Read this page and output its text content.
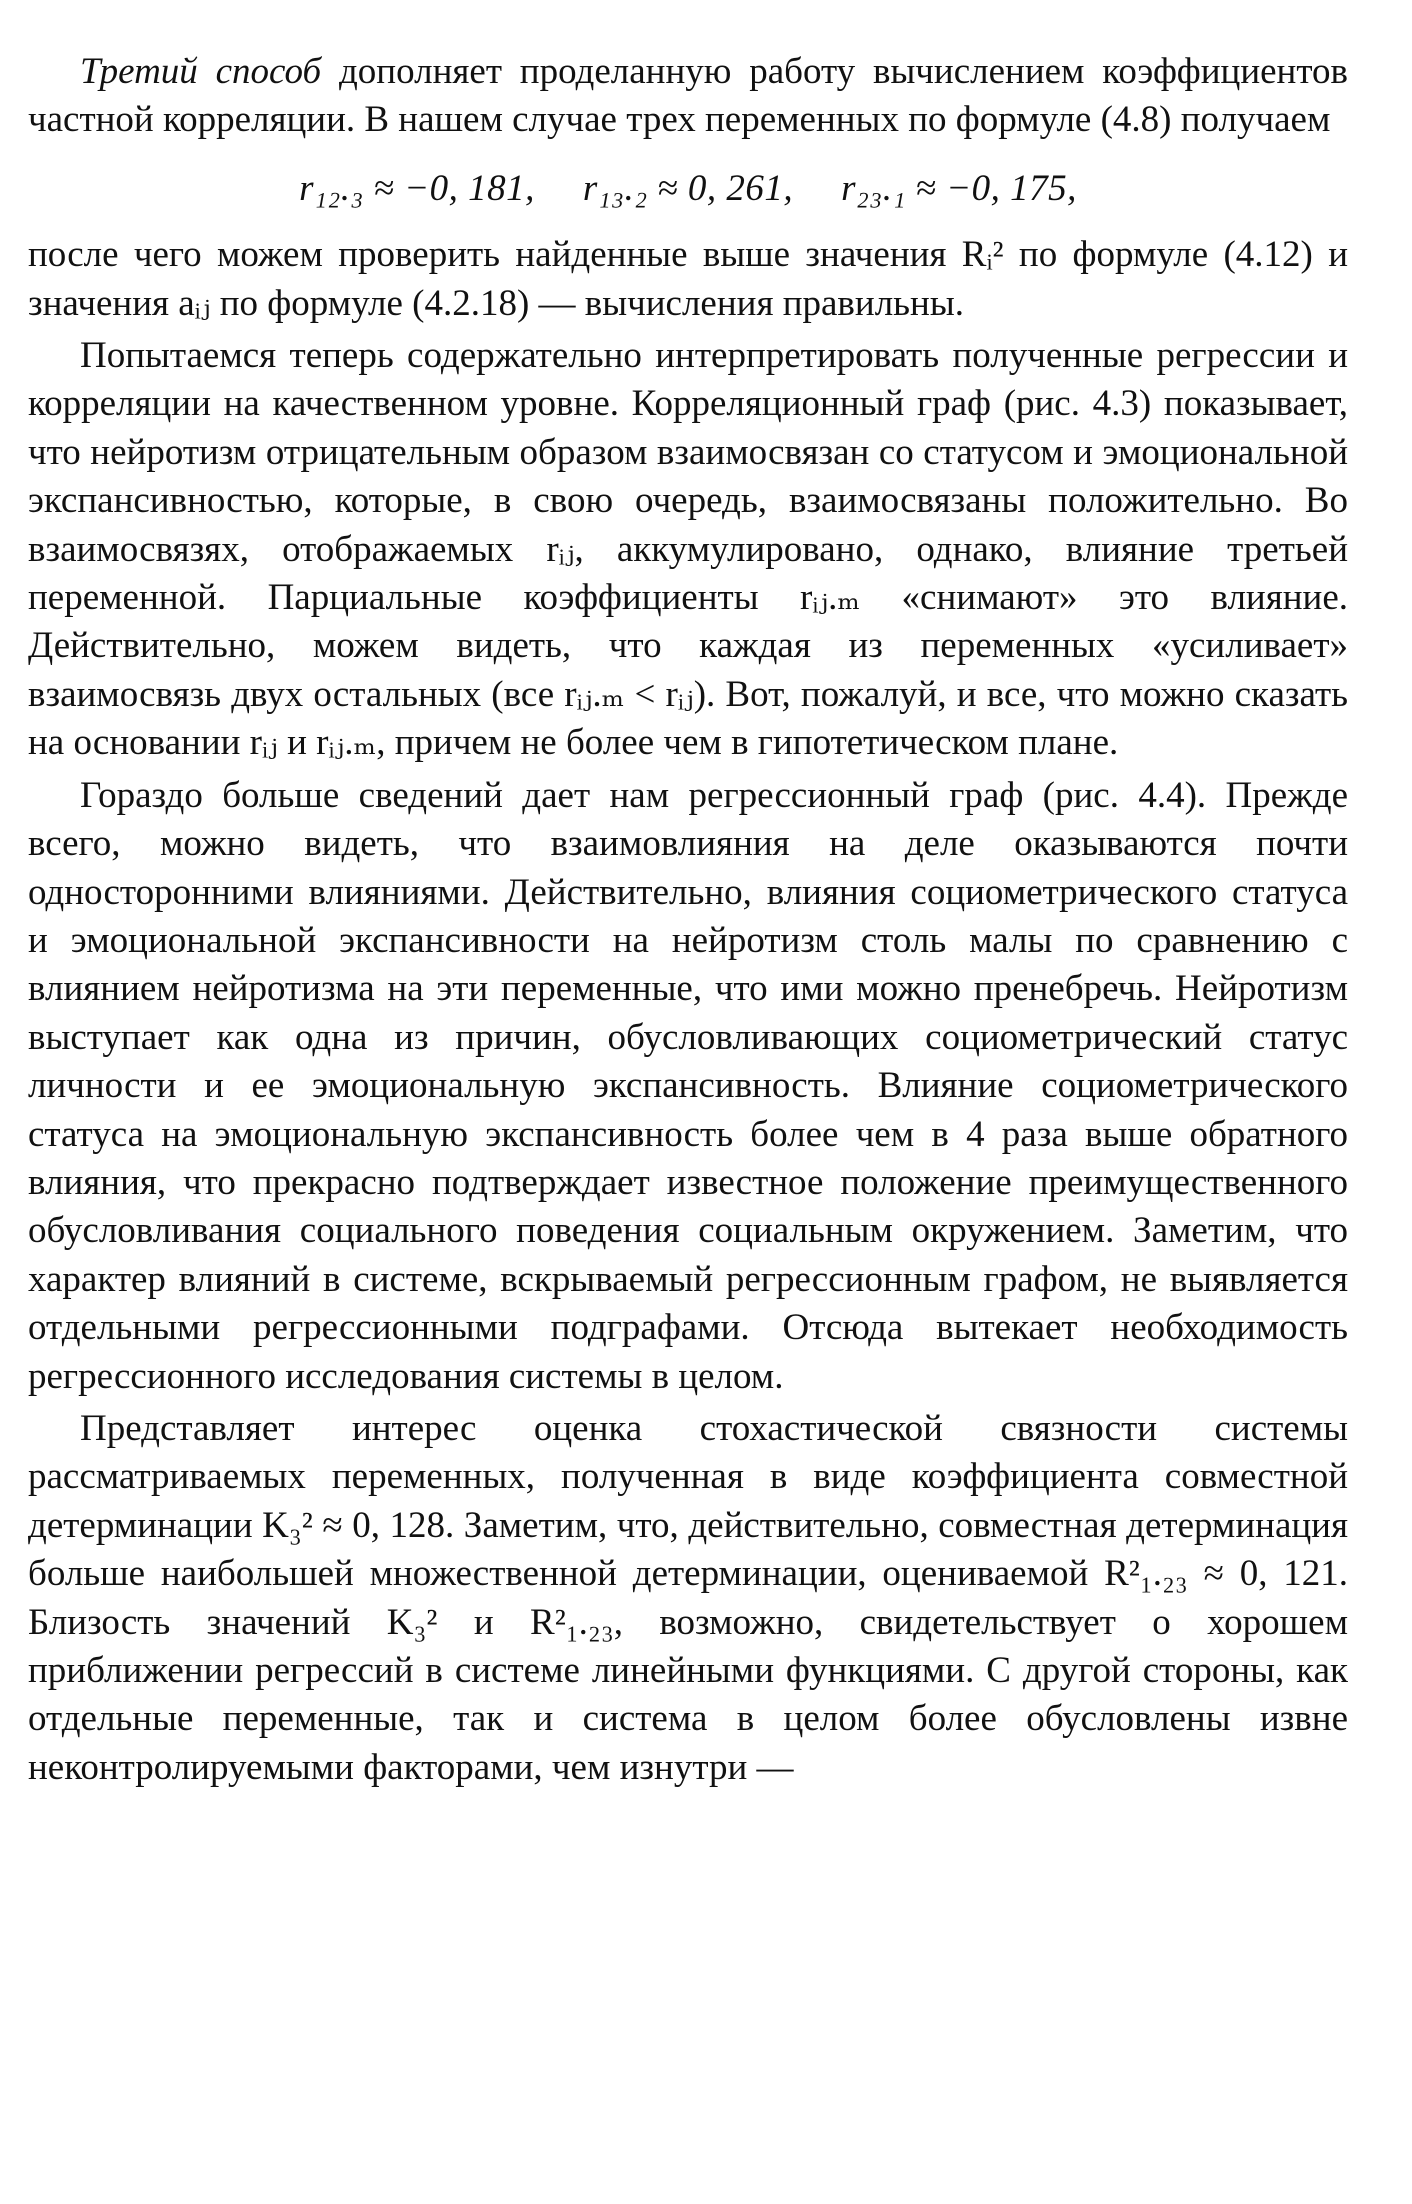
Третий способ дополняет проделанную работу вычислением коэффициентов частной корреляции. В нашем случае трех переменных по формуле (4.8) получаем

r₁₂.₃ ≈ −0, 181, r₁₃.₂ ≈ 0, 261, r₂₃.₁ ≈ −0, 175,

после чего можем проверить найденные выше значения Rᵢ² по формуле (4.12) и значения aᵢⱼ по формуле (4.2.18) — вычисления правильны.

Попытаемся теперь содержательно интерпретировать полученные регрессии и корреляции на качественном уровне. Корреляционный граф (рис. 4.3) показывает, что нейротизм отрицательным образом взаимосвязан со статусом и эмоциональной экспансивностью, которые, в свою очередь, взаимосвязаны положительно. Во взаимосвязях, отображаемых rᵢⱼ, аккумулировано, однако, влияние третьей переменной. Парциальные коэффициенты rᵢⱼ.ₘ «снимают» это влияние. Действительно, можем видеть, что каждая из переменных «усиливает» взаимосвязь двух остальных (все rᵢⱼ.ₘ < rᵢⱼ). Вот, пожалуй, и все, что можно сказать на основании rᵢⱼ и rᵢⱼ.ₘ, причем не более чем в гипотетическом плане.

Гораздо больше сведений дает нам регрессионный граф (рис. 4.4). Прежде всего, можно видеть, что взаимовлияния на деле оказываются почти односторонними влияниями. Действительно, влияния социометрического статуса и эмоциональной экспансивности на нейротизм столь малы по сравнению с влиянием нейротизма на эти переменные, что ими можно пренебречь. Нейротизм выступает как одна из причин, обусловливающих социометрический статус личности и ее эмоциональную экспансивность. Влияние социометрического статуса на эмоциональную экспансивность более чем в 4 раза выше обратного влияния, что прекрасно подтверждает известное положение преимущественного обусловливания социального поведения социальным окружением. Заметим, что характер влияний в системе, вскрываемый регрессионным графом, не выявляется отдельными регрессионными подграфами. Отсюда вытекает необходимость регрессионного исследования системы в целом.

Представляет интерес оценка стохастической связности системы рассматриваемых переменных, полученная в виде коэффициента совместной детерминации K₃² ≈ 0, 128. Заметим, что, действительно, совместная детерминация больше наибольшей множественной детерминации, оцениваемой R²₁.₂₃ ≈ 0, 121. Близость значений K₃² и R²₁.₂₃, возможно, свидетельствует о хорошем приближении регрессий в системе линейными функциями. С другой стороны, как отдельные переменные, так и система в целом более обусловлены извне неконтролируемыми факторами, чем изнутри —
